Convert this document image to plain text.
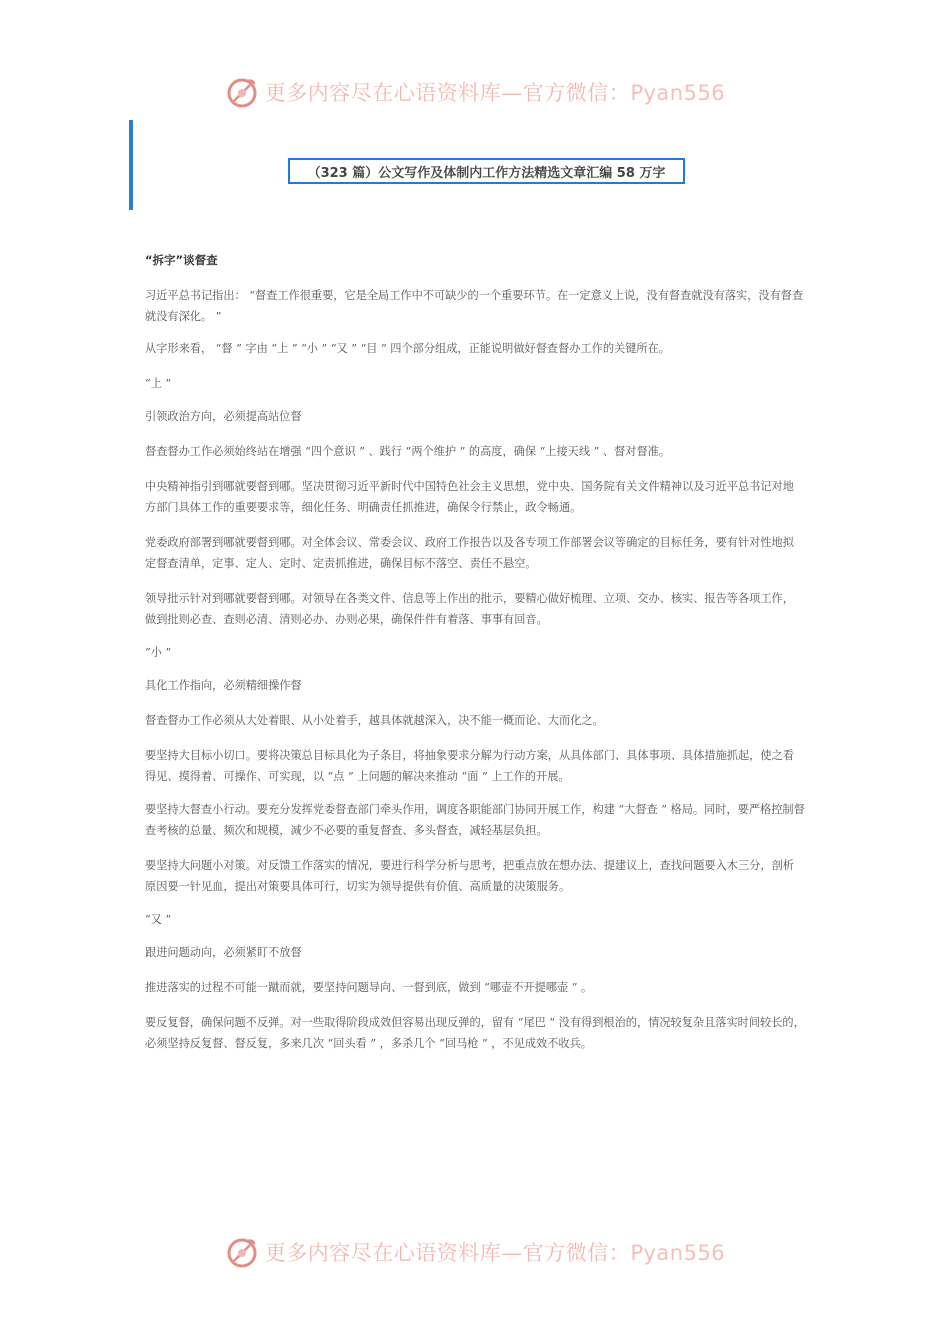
更多内容尽在心语资料库—官方微信：Pyan556
（323 篇）公文写作及体制内工作方法精选文章汇编 58 万字

“拆字”谈督查

习近平总书记指出： “督查工作很重要，它是全局工作中不可缺少的一个重要环节。在一定意义上说，没有督查就没有落实，没有督查就没有深化。 ”

从字形来看， “督 ” 字由 “上 ” “小 ” “又 ” “目 ” 四个部分组成，正能说明做好督查督办工作的关键所在。

“上 ”

引领政治方向，必须提高站位督

督查督办工作必须始终站在增强 “四个意识 ” 、践行 “两个维护 ” 的高度，确保 “上接天线 ” 、督对督准。

中央精神指引到哪就要督到哪。坚决贯彻习近平新时代中国特色社会主义思想，党中央、国务院有关文件精神以及习近平总书记对地方部门具体工作的重要要求等，细化任务、明确责任抓推进，确保令行禁止，政令畅通。

党委政府部署到哪就要督到哪。对全体会议、常委会议、政府工作报告以及各专项工作部署会议等确定的目标任务，要有针对性地拟定督查清单，定事、定人、定时、定责抓推进，确保目标不落空、责任不悬空。

领导批示针对到哪就要督到哪。对领导在各类文件、信息等上作出的批示，要精心做好梳理、立项、交办、核实、报告等各项工作，做到批则必查、查则必清、清则必办、办则必果，确保件件有着落、事事有回音。

“小 ”

具化工作指向，必须精细操作督

督查督办工作必须从大处着眼、从小处着手，越具体就越深入，决不能一概而论、大而化之。

要坚持大目标小切口。要将决策总目标具化为子条目，将抽象要求分解为行动方案，从具体部门、具体事项、具体措施抓起，使之看得见、摸得着、可操作、可实现，以 “点 ” 上问题的解决来推动 “面 ” 上工作的开展。

要坚持大督查小行动。要充分发挥党委督查部门牵头作用，调度各职能部门协同开展工作，构建 “大督查 ” 格局。同时，要严格控制督查考核的总量、频次和规模，减少不必要的重复督查、多头督查，减轻基层负担。

要坚持大问题小对策。对反馈工作落实的情况，要进行科学分析与思考，把重点放在想办法、提建议上，查找问题要入木三分，剖析原因要一针见血，提出对策要具体可行，切实为领导提供有价值、高质量的决策服务。

“又 ”

跟进问题动向，必须紧盯不放督

推进落实的过程不可能一蹴而就，要坚持问题导向、一督到底，做到 “哪壶不开提哪壶 ” 。

要反复督，确保问题不反弹。对一些取得阶段成效但容易出现反弹的，留有 “尾巴 ” 没有得到根治的，情况较复杂且落实时间较长的，必须坚持反复督、督反复，多来几次 “回头看 ” ，多杀几个 “回马枪 ” ，不见成效不收兵。

更多内容尽在心语资料库—官方微信：Pyan556
